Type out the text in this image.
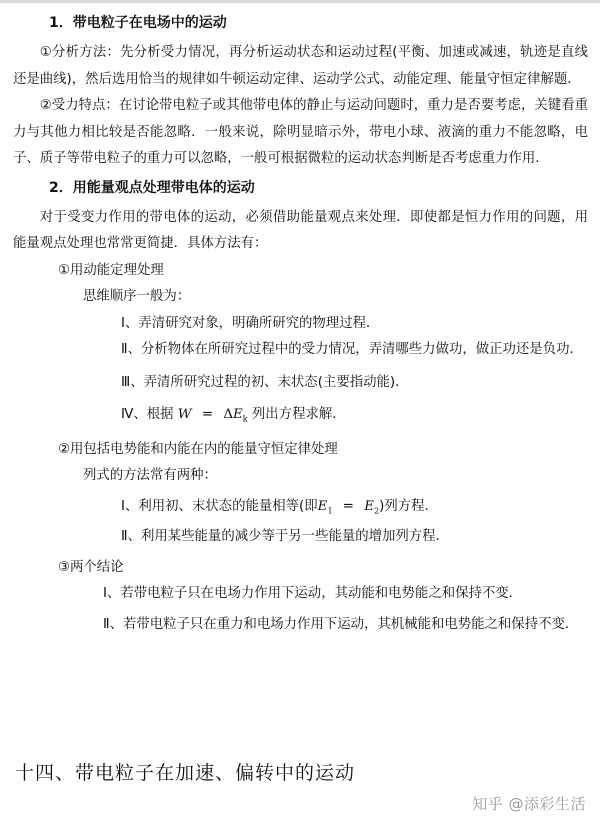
1．带电粒子在电场中的运动

①分析方法：先分析受力情况，再分析运动状态和运动过程(平衡、加速或减速，轨迹是直线还是曲线)，然后选用恰当的规律如牛顿运动定律、运动学公式、动能定理、能量守恒定律解题．

②受力特点：在讨论带电粒子或其他带电体的静止与运动问题时，重力是否要考虑，关键看重力与其他力相比较是否能忽略．一般来说，除明显暗示外，带电小球、液滴的重力不能忽略，电子、质子等带电粒子的重力可以忽略，一般可根据微粒的运动状态判断是否考虑重力作用．

2．用能量观点处理带电体的运动

对于受变力作用的带电体的运动，必须借助能量观点来处理．即使都是恒力作用的问题，用能量观点处理也常常更简捷．具体方法有：

①用动能定理处理

思维顺序一般为：

Ⅰ、弄清研究对象，明确所研究的物理过程．

Ⅱ、分析物体在所研究过程中的受力情况，弄清哪些力做功，做正功还是负功．

Ⅲ、弄清所研究过程的初、末状态(主要指动能)．

Ⅳ、根据 $W = \Delta E_k$ 列出方程求解．

②用包括电势能和内能在内的能量守恒定律处理

列式的方法常有两种：

Ⅰ、利用初、末状态的能量相等(即$E_1 = E_2$)列方程．

Ⅱ、利用某些能量的减少等于另一些能量的增加列方程．

③两个结论

Ⅰ、若带电粒子只在电场力作用下运动，其动能和电势能之和保持不变．

Ⅱ、若带电粒子只在重力和电场力作用下运动，其机械能和电势能之和保持不变．

十四、带电粒子在加速、偏转中的运动
知乎 @添彩生活
